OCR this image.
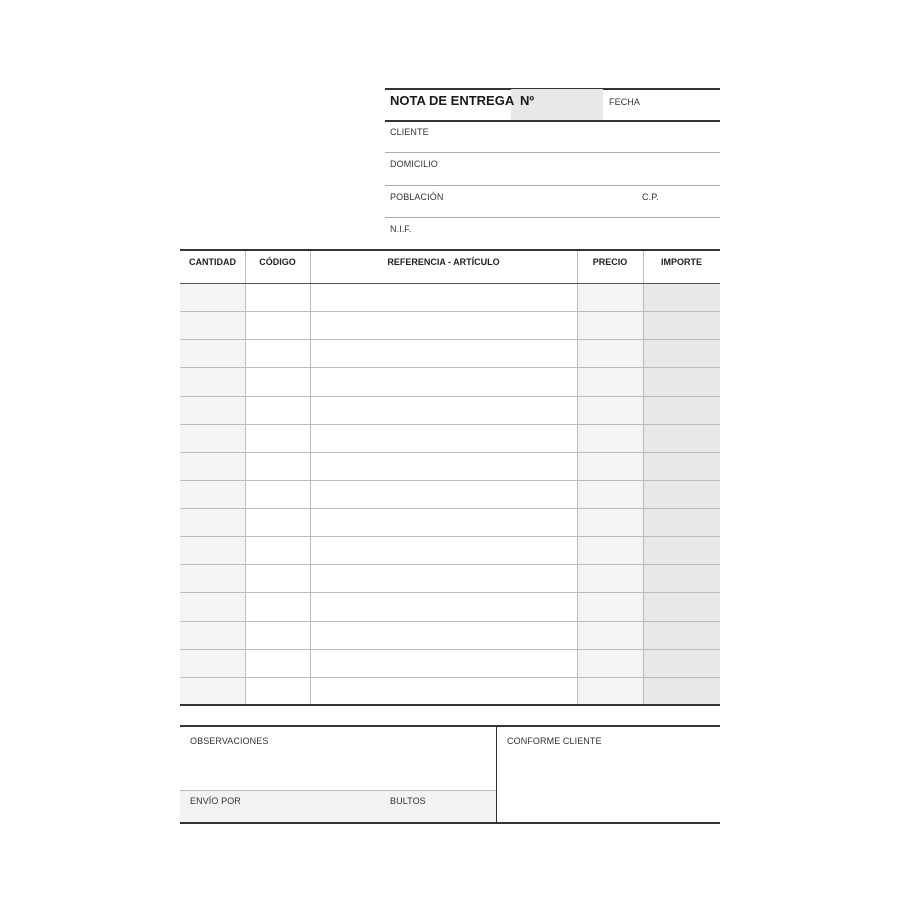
NOTA DE ENTREGA Nº	FECHA
CLIENTE
DOMICILIO
POBLACIÓN	C.P.
N.I.F.
CANTIDAD	CÓDIGO	REFERENCIA - ARTÍCULO	PRECIO	IMPORTE
OBSERVACIONES
ENVÍO POR	BULTOS
CONFORME CLIENTE
